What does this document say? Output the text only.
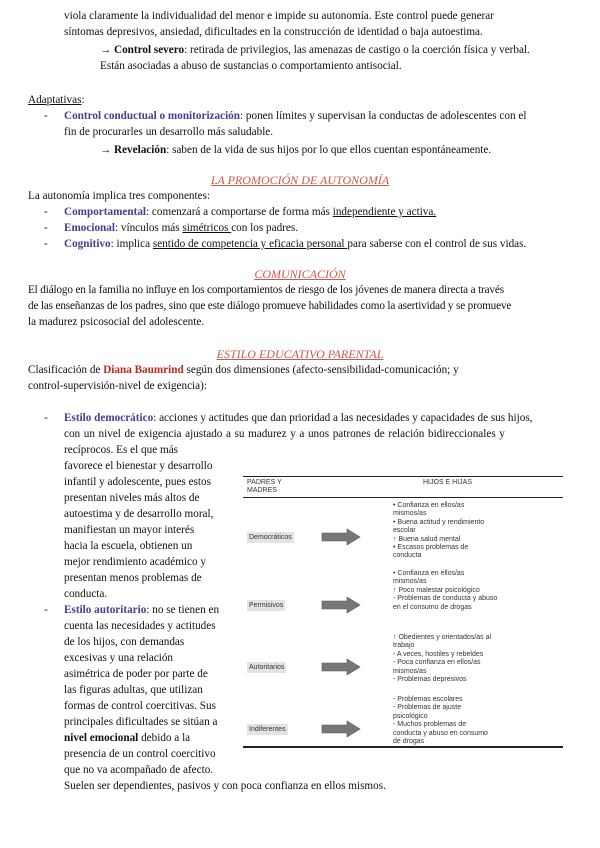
viola claramente la individualidad del menor e impide su autonomía. Este control puede generar
síntomas depresivos, ansiedad, dificultades en la construcción de identidad o baja autoestima.
→ Control severo: retirada de privilegios, las amenazas de castigo o la coerción física y verbal.
Están asociadas a abuso de sustancias o comportamiento antisocial.
Adaptativas:
- Control conductual o monitorización: ponen límites y supervisan la conductas de adolescentes con el
fin de procurarles un desarrollo más saludable.
→ Revelación: saben de la vida de sus hijos por lo que ellos cuentan espontáneamente.
LA PROMOCIÓN DE AUTONOMÍA
La autonomía implica tres componentes:
- Comportamental: comenzará a comportarse de forma más independiente y activa.
- Emocional: vínculos más simétricos con los padres.
- Cognitivo: implica sentido de competencia y eficacia personal para saberse con el control de sus vidas.
COMUNICACIÓN
El diálogo en la familia no influye en los comportamientos de riesgo de los jóvenes de manera directa a través
de las enseñanzas de los padres, sino que este diálogo promueve habilidades como la asertividad y se promueve
la madurez psicosocial del adolescente.
ESTILO EDUCATIVO PARENTAL
Clasificación de Diana Baumrind según dos dimensiones (afecto-sensibilidad-comunicación; y
control-supervisión-nivel de exigencia):
- Estilo democrático: acciones y actitudes que dan prioridad a las necesidades y capacidades de sus hijos,
con un nivel de exigencia ajustado a su madurez y a unos patrones de relación bidireccionales y
recíprocos. Es el que más
favorece el bienestar y desarrollo
infantil y adolescente, pues estos
presentan niveles más altos de
autoestima y de desarrollo moral,
manifiestan un mayor interés
hacia la escuela, obtienen un
mejor rendimiento académico y
presentan menos problemas de
conducta.
- Estilo autoritario: no se tienen en
cuenta las necesidades y actitudes
de los hijos, con demandas
excesivas y una relación
asimétrica de poder por parte de
las figuras adultas, que utilizan
formas de control coercitivas. Sus
principales dificultades se sitúan a
nivel emocional debido a la
presencia de un control coercitivo
que no va acompañado de afecto.
Suelen ser dependientes, pasivos y con poca confianza en ellos mismos.
PADRES Y
MADRES
HIJOS E HIJAS
Democráticos
• Confianza en ellos/as
mismos/as
• Buena actitud y rendimiento
escolar
↑ Buena salud mental
• Escasos problemas de
conducta
Permisivos
• Confianza en ellos/as
mismos/as
↑ Poco malestar psicológico
- Problemas de conducta y abuso
en el consumo de drogas
Autoritarios
↑ Obedientes y orientados/as al
trabajo
- A veces, hostiles y rebeldes
- Poca confianza en ellos/as
mismos/as
- Problemas depresivos
Indiferentes
- Problemas escolares
- Problemas de ajuste
psicológico
- Muchos problemas de
conducta y abuso en consumo
de drogas
